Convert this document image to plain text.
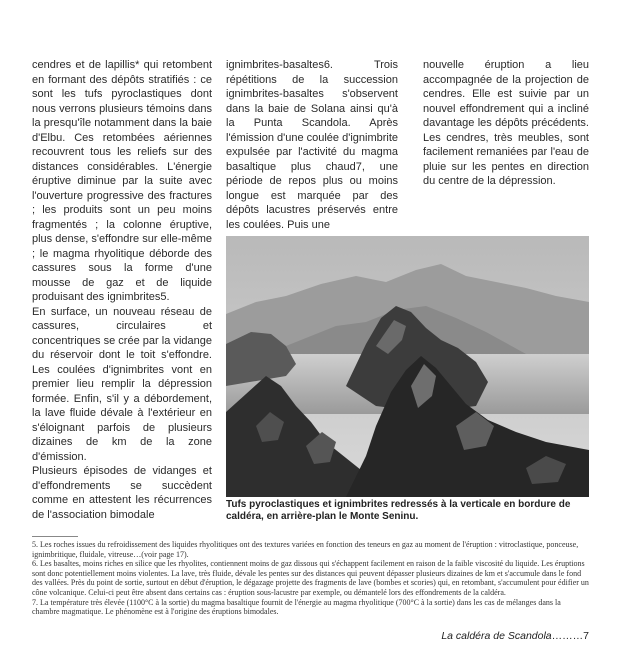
cendres et de lapillis* qui retombent en formant des dépôts stratifiés : ce sont les tufs pyroclastiques dont nous verrons plusieurs témoins dans la presqu'île notamment dans la baie d'Elbu. Ces retombées aériennes recouvrent tous les reliefs sur des distances considérables. L'énergie éruptive diminue par la suite avec l'ouverture progressive des fractures ; les produits sont un peu moins fragmentés ; la colonne éruptive, plus dense, s'effondre sur elle-même ; le magma rhyolitique déborde des cassures sous la forme d'une mousse de gaz et de liquide produisant des ignimbrites5.

En surface, un nouveau réseau de cassures, circulaires et concentriques se crée par la vidange du réservoir dont le toit s'effondre. Les coulées d'ignimbrites vont en premier lieu remplir la dépression formée. Enfin, s'il y a débordement, la lave fluide dévale à l'extérieur en s'éloignant parfois de plusieurs dizaines de km de la zone d'émission.

Plusieurs épisodes de vidanges et d'effondrements se succèdent comme en attestent les récurrences de l'association bimodale

ignimbrites-basaltes6. Trois répétitions de la succession ignimbrites-basaltes s'observent dans la baie de Solana ainsi qu'à la Punta Scandola. Après l'émission d'une coulée d'ignimbrite expulsée par l'activité du magma basaltique plus chaud7, une période de repos plus ou moins longue est marquée par des dépôts lacustres préservés entre les coulées. Puis une

nouvelle éruption a lieu accompagnée de la projection de cendres. Elle est suivie par un nouvel effondrement qui a incliné davantage les dépôts précédents. Les cendres, très meubles, sont facilement remaniées par l'eau de pluie sur les pentes en direction du centre de la dépression.

Tufs pyroclastiques et ignimbrites redressés à la verticale en bordure de caldéra, en arrière-plan le Monte Seninu.

5. Les roches issues du refroidissement des liquides rhyolitiques ont des textures variées en fonction des teneurs en gaz au moment de l'éruption : vitroclastique, ponceuse, ignimbritique, fluidale, vitreuse…(voir page 17).

6. Les basaltes, moins riches en silice que les rhyolites, contiennent moins de gaz dissous qui s'échappent facilement en raison de la faible viscosité du liquide. Les éruptions sont donc potentiellement moins violentes. La lave, très fluide, dévale les pentes sur des distances qui peuvent dépasser plusieurs dizaines de km et s'accumule dans le fond des vallées. Près du point de sortie, surtout en début d'éruption, le dégazage projette des fragments de lave (bombes et scories) qui, en retombant, s'accumulent pour édifier un cône volcanique. Celui-ci peut être absent dans certains cas : éruption sous-lacustre par exemple, ou démantelé lors des effondrements de la caldéra.

7. La température très élevée (1100°C à la sortie) du magma basaltique fournit de l'énergie au magma rhyolitique (700°C à la sortie) dans les cas de mélanges dans la chambre magmatique. Le phénomène est à l'origine des éruptions bimodales.

La caldéra de Scandola………7
